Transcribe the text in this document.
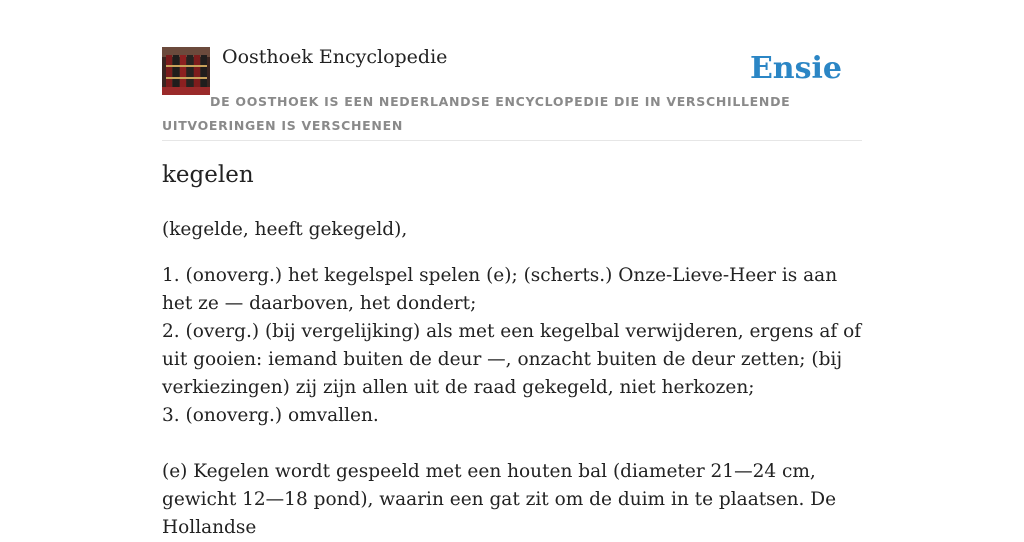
Oosthoek Encyclopedie	Ensie
DE OOSTHOEK IS EEN NEDERLANDSE ENCYCLOPEDIE DIE IN VERSCHILLENDE UITVOERINGEN IS VERSCHENEN
kegelen
(kegelde, heeft gekegeld),
1. (onoverg.) het kegelspel spelen (e); (scherts.) Onze-Lieve-Heer is aan het ze — daarboven, het dondert;
2. (overg.) (bij vergelijking) als met een kegelbal verwijderen, ergens af of uit gooien: iemand buiten de deur —, onzacht buiten de deur zetten; (bij verkiezingen) zij zijn allen uit de raad gekegeld, niet herkozen;
3. (onoverg.) omvallen.
(e) Kegelen wordt gespeeld met een houten bal (diameter 21—24 cm, gewicht 12—18 pond), waarin een gat zit om de duim in te plaatsen. De Hollandse
